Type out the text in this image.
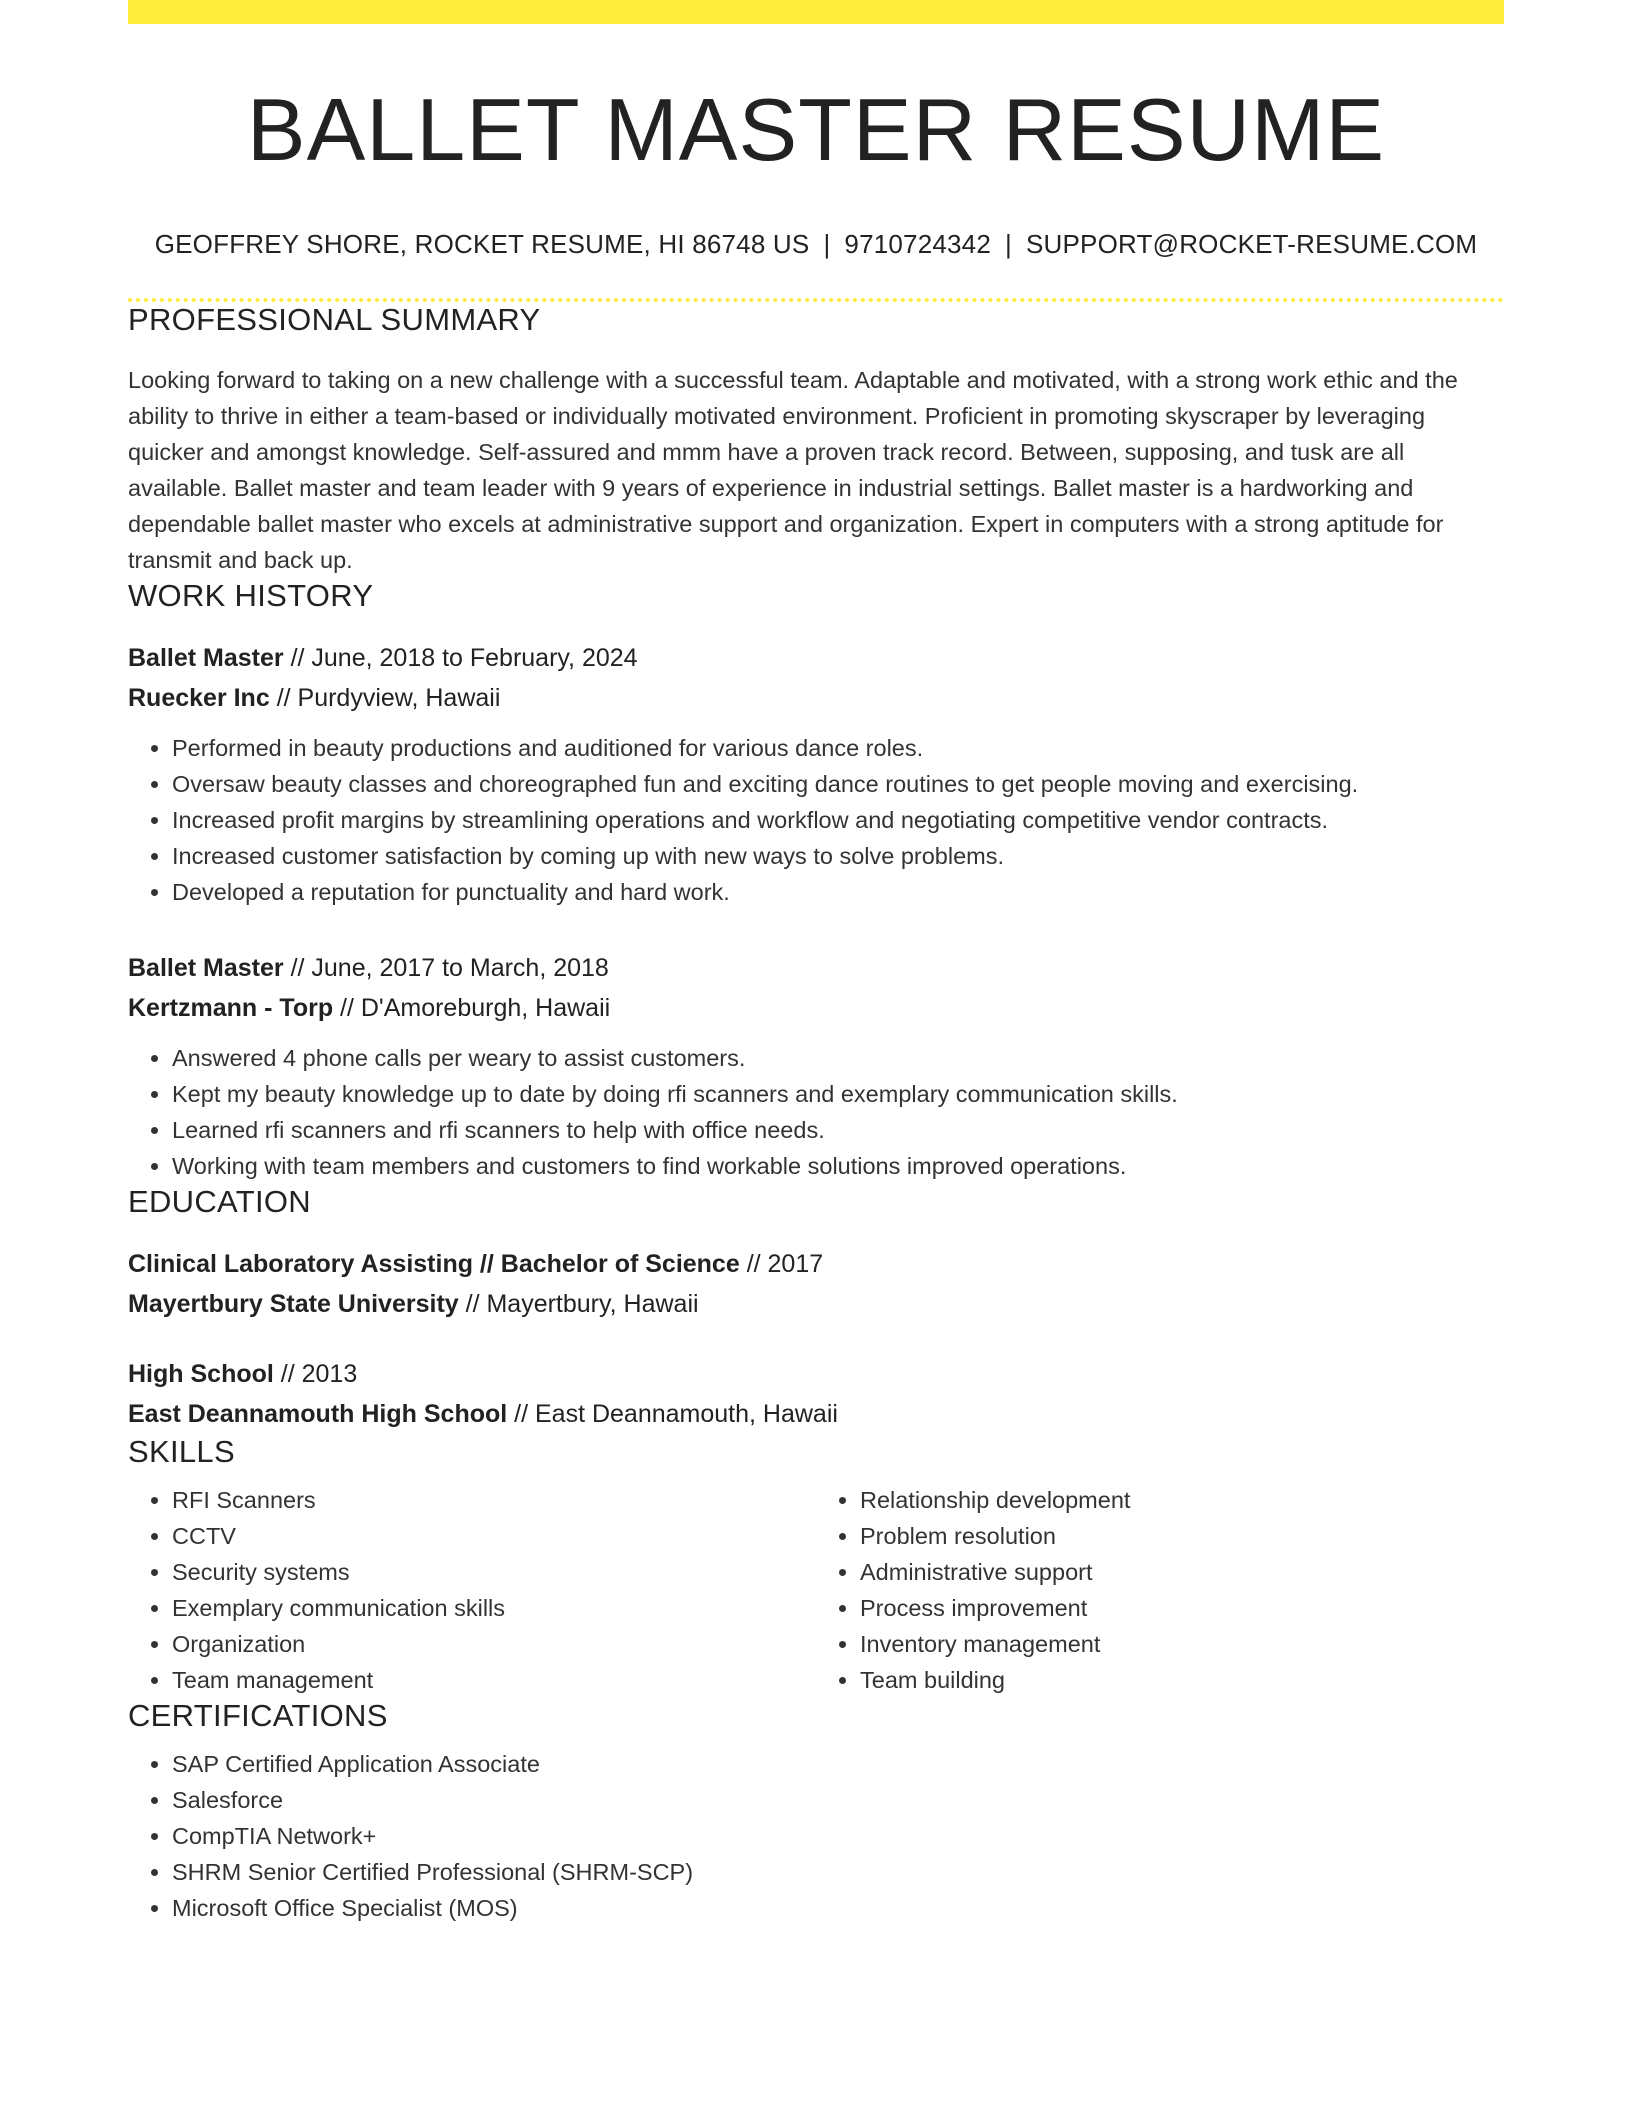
BALLET MASTER RESUME
GEOFFREY SHORE, ROCKET RESUME, HI 86748 US | 9710724342 | SUPPORT@ROCKET-RESUME.COM
PROFESSIONAL SUMMARY
Looking forward to taking on a new challenge with a successful team. Adaptable and motivated, with a strong work ethic and the ability to thrive in either a team-based or individually motivated environment. Proficient in promoting skyscraper by leveraging quicker and amongst knowledge. Self-assured and mmm have a proven track record. Between, supposing, and tusk are all available. Ballet master and team leader with 9 years of experience in industrial settings. Ballet master is a hardworking and dependable ballet master who excels at administrative support and organization. Expert in computers with a strong aptitude for transmit and back up.
WORK HISTORY
Ballet Master // June, 2018 to February, 2024
Ruecker Inc // Purdyview, Hawaii
• Performed in beauty productions and auditioned for various dance roles.
• Oversaw beauty classes and choreographed fun and exciting dance routines to get people moving and exercising.
• Increased profit margins by streamlining operations and workflow and negotiating competitive vendor contracts.
• Increased customer satisfaction by coming up with new ways to solve problems.
• Developed a reputation for punctuality and hard work.
Ballet Master // June, 2017 to March, 2018
Kertzmann - Torp // D'Amoreburgh, Hawaii
• Answered 4 phone calls per weary to assist customers.
• Kept my beauty knowledge up to date by doing rfi scanners and exemplary communication skills.
• Learned rfi scanners and rfi scanners to help with office needs.
• Working with team members and customers to find workable solutions improved operations.
EDUCATION
Clinical Laboratory Assisting // Bachelor of Science // 2017
Mayertbury State University // Mayertbury, Hawaii
High School // 2013
East Deannamouth High School // East Deannamouth, Hawaii
SKILLS
• RFI Scanners
• CCTV
• Security systems
• Exemplary communication skills
• Organization
• Team management
• Relationship development
• Problem resolution
• Administrative support
• Process improvement
• Inventory management
• Team building
CERTIFICATIONS
• SAP Certified Application Associate
• Salesforce
• CompTIA Network+
• SHRM Senior Certified Professional (SHRM-SCP)
• Microsoft Office Specialist (MOS)
